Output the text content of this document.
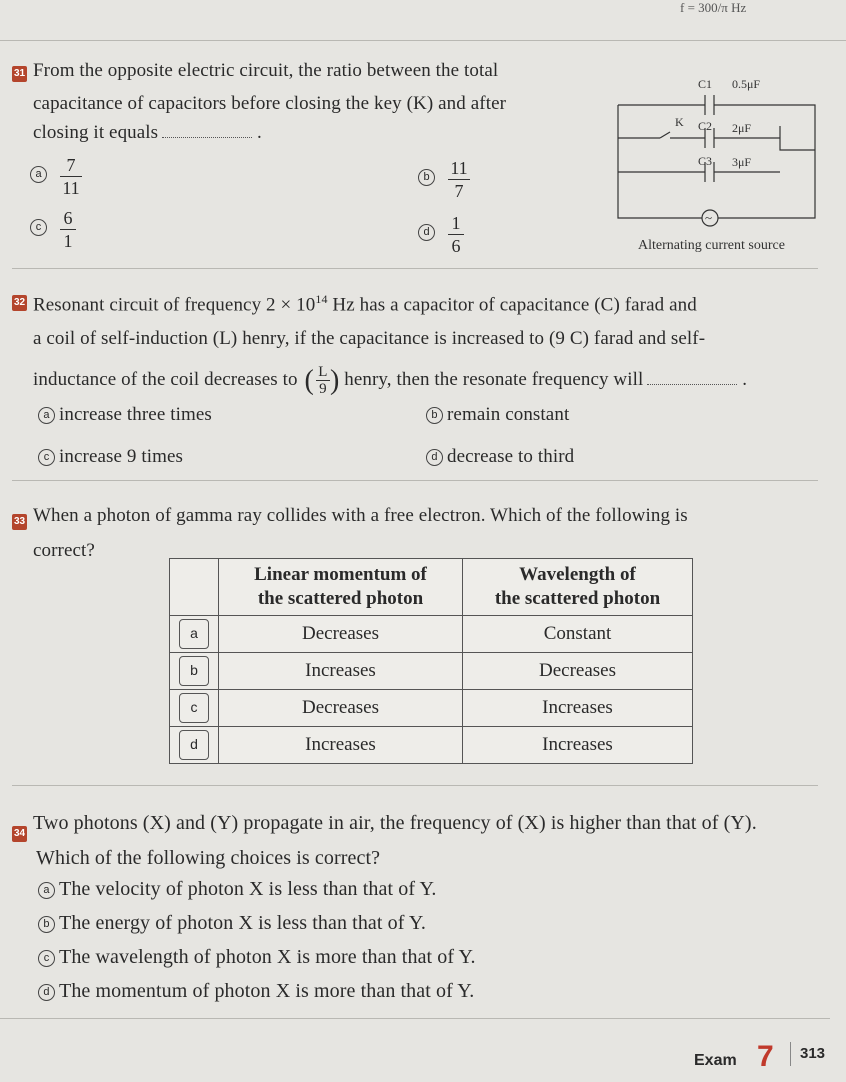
f = 300/π Hz
31 From the opposite electric circuit, the ratio between the total
capacitance of capacitors before closing the key (K) and after
closing it equals	.
a	7
11
b	11
7
c	6
1	d	1
6
C1 0.5μF
K C2 2μF
C3 3μF
~
Alternating current source
32 Resonant circuit of frequency $2 \times 10^{14}$ Hz has a capacitor of capacitance (C) farad and
a coil of self-induction (L) henry, if the capacitance is increased to (9 C) farad and self-
inductance of the coil decreases to ( $\frac{L}{9}$ ) henry, then the resonate frequency will	.
a increase three times	b remain constant
c increase 9 times	d decrease to third
33 When a photon of gamma ray collides with a free electron. Which of the following is
correct?
	Linear momentum of
the scattered photon	Wavelength of
the scattered photon
a	Decreases	Constant
b	Increases	Decreases
c	Decreases	Increases
d	Increases	Increases
34 Two photons (X) and (Y) propagate in air, the frequency of (X) is higher than that of (Y).
Which of the following choices is correct?
a The velocity of photon X is less than that of Y.
b The energy of photon X is less than that of Y.
c The wavelength of photon X is more than that of Y.
d The momentum of photon X is more than that of Y.
Exam 7 313
